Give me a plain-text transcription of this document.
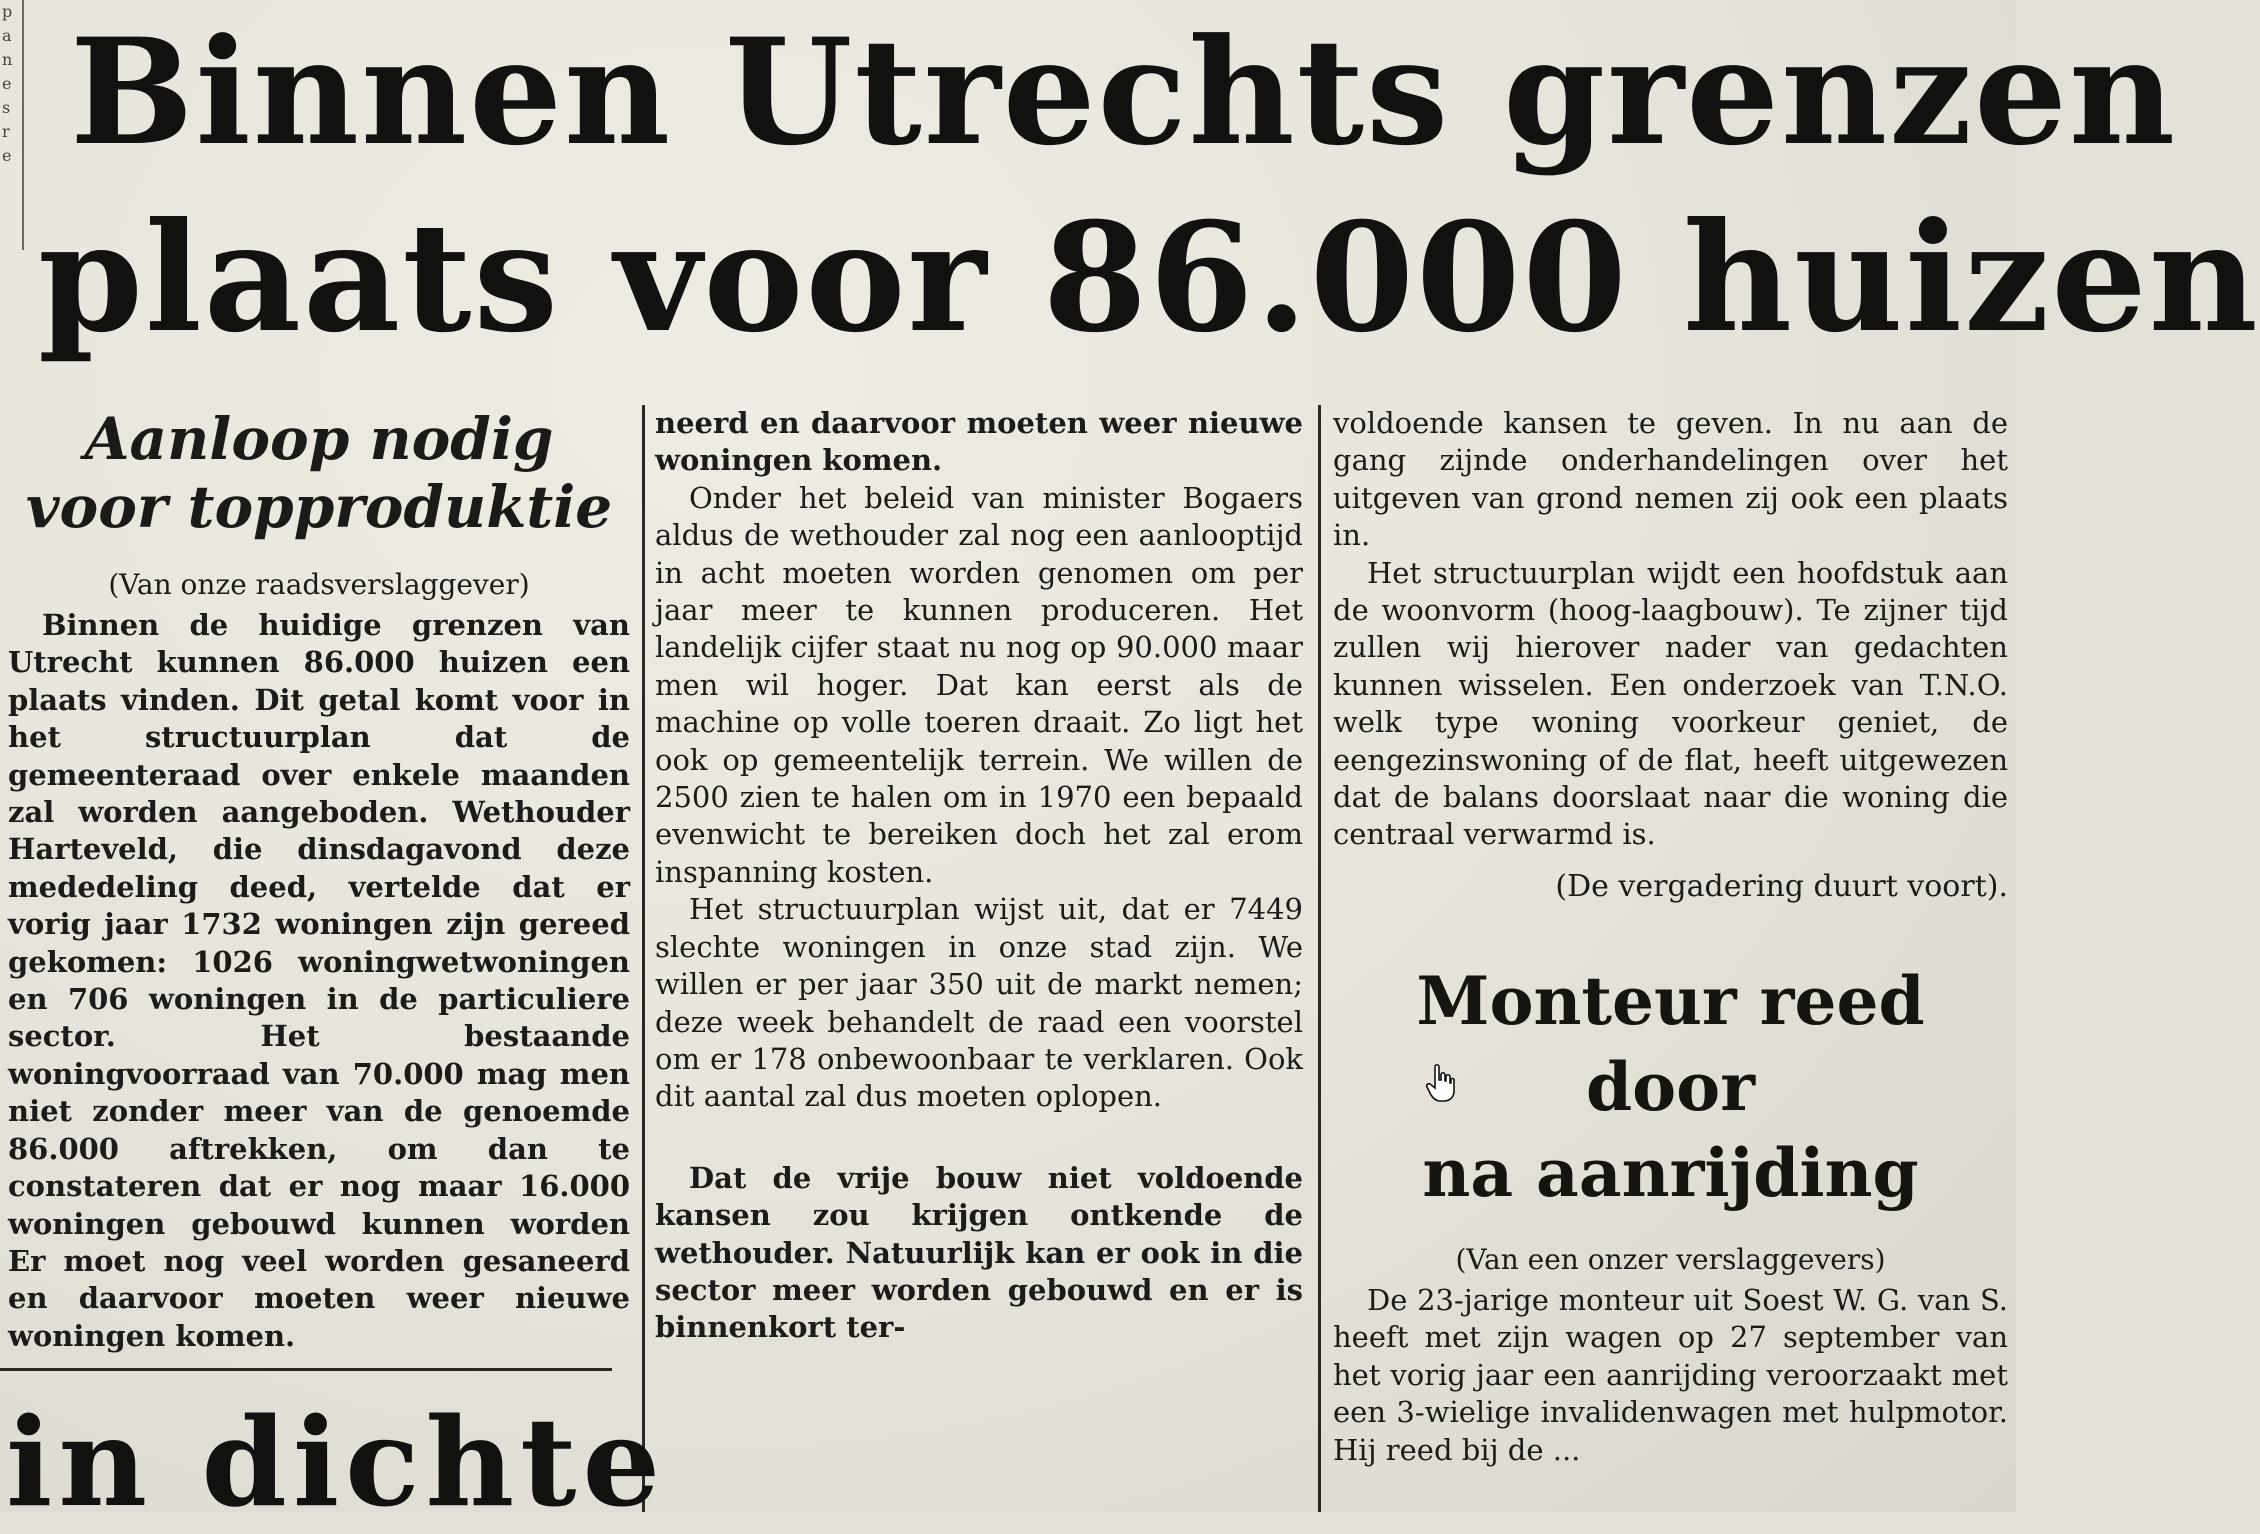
p
a
n
e
s
r
e Binnen Utrechts grenzen
plaats voor 86.000 huizen
Aanloop nodig
voor topproduktie

(Van onze raadsverslaggever)

Binnen de huidige grenzen van Utrecht kunnen 86.000 huizen een plaats vinden. Dit getal komt voor in het structuurplan dat de gemeenteraad over enkele maanden zal worden aangeboden. Wethouder Harteveld, die dinsdagavond deze mededeling deed, vertelde dat er vorig jaar 1732 woningen zijn gereed gekomen: 1026 woningwetwoningen en 706 woningen in de particuliere sector. Het bestaande woningvoorraad van 70.000 mag men niet zonder meer van de genoemde 86.000 aftrekken, om dan te constateren dat er nog maar 16.000 woningen gebouwd kunnen worden Er moet nog veel worden gesaneerd en daarvoor moeten weer nieuwe woningen komen.

neerd en daarvoor moeten weer nieuwe woningen komen.

Onder het beleid van minister Bogaers aldus de wethouder zal nog een aanlooptijd in acht moeten worden genomen om per jaar meer te kunnen produceren. Het landelijk cijfer staat nu nog op 90.000 maar men wil hoger. Dat kan eerst als de machine op volle toeren draait. Zo ligt het ook op gemeentelijk terrein. We willen de 2500 zien te halen om in 1970 een bepaald evenwicht te bereiken doch het zal erom inspanning kosten.

Het structuurplan wijst uit, dat er 7449 slechte woningen in onze stad zijn. We willen er per jaar 350 uit de markt nemen; deze week behandelt de raad een voorstel om er 178 onbewoonbaar te verklaren. Ook dit aantal zal dus moeten oplopen.

Dat de vrije bouw niet voldoende kansen zou krijgen ontkende de wethouder. Natuurlijk kan er ook in die sector meer worden gebouwd en er is binnenkort ter-

voldoende kansen te geven. In nu aan de gang zijnde onderhandelingen over het uitgeven van grond nemen zij ook een plaats in.

Het structuurplan wijdt een hoofdstuk aan de woonvorm (hoog-laagbouw). Te zijner tijd zullen wij hierover nader van gedachten kunnen wisselen. Een onderzoek van T.N.O. welk type woning voorkeur geniet, de eengezinswoning of de flat, heeft uitgewezen dat de balans doorslaat naar die woning die centraal verwarmd is.

(De vergadering duurt voort).

Monteur reed door
na aanrijding

(Van een onzer verslaggevers)

De 23-jarige monteur uit Soest W. G. van S. heeft met zijn wagen op 27 september van het vorig jaar een aanrijding veroorzaakt met een 3-wielige invalidenwagen met hulpmotor. Hij reed bij de ...

in dichte
